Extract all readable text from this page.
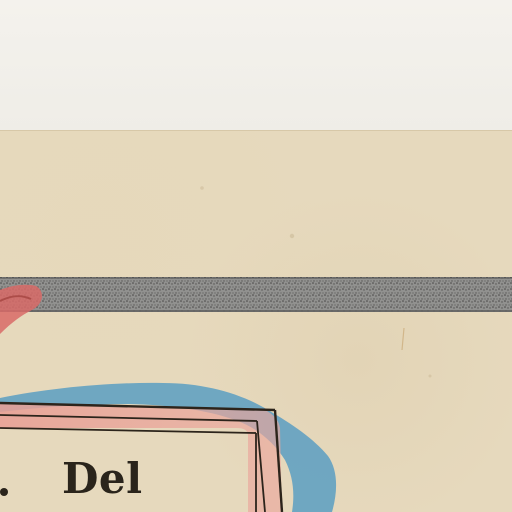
Del
